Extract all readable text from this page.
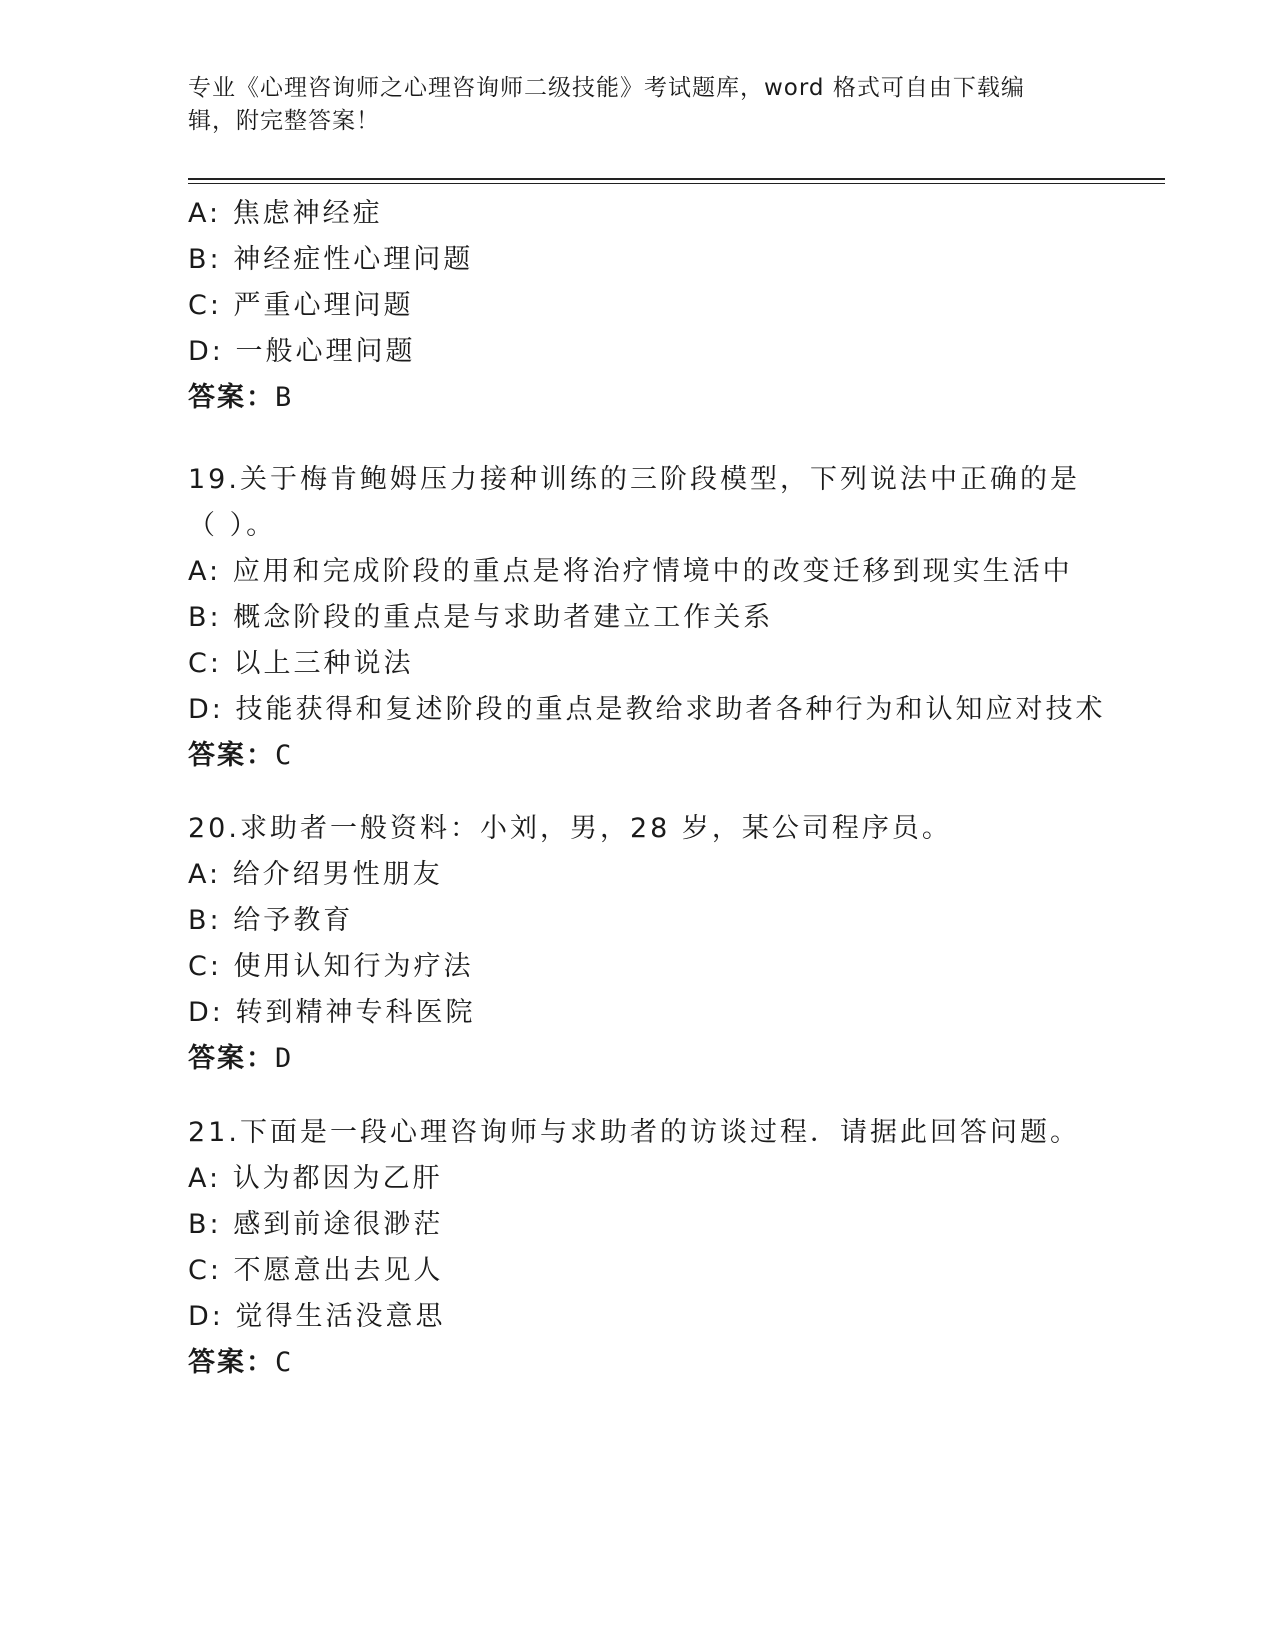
专业《心理咨询师之心理咨询师二级技能》考试题库，word 格式可自由下载编辑，附完整答案！
A: 焦虑神经症
B: 神经症性心理问题
C: 严重心理问题
D: 一般心理问题
答案：B
19.关于梅肯鲍姆压力接种训练的三阶段模型，下列说法中正确的是（ ）。
A: 应用和完成阶段的重点是将治疗情境中的改变迁移到现实生活中
B: 概念阶段的重点是与求助者建立工作关系
C: 以上三种说法
D: 技能获得和复述阶段的重点是教给求助者各种行为和认知应对技术
答案：C
20.求助者一般资料：小刘，男，28 岁，某公司程序员。
A: 给介绍男性朋友
B: 给予教育
C: 使用认知行为疗法
D: 转到精神专科医院
答案：D
21.下面是一段心理咨询师与求助者的访谈过程．请据此回答问题。
A: 认为都因为乙肝
B: 感到前途很渺茫
C: 不愿意出去见人
D: 觉得生活没意思
答案：C
